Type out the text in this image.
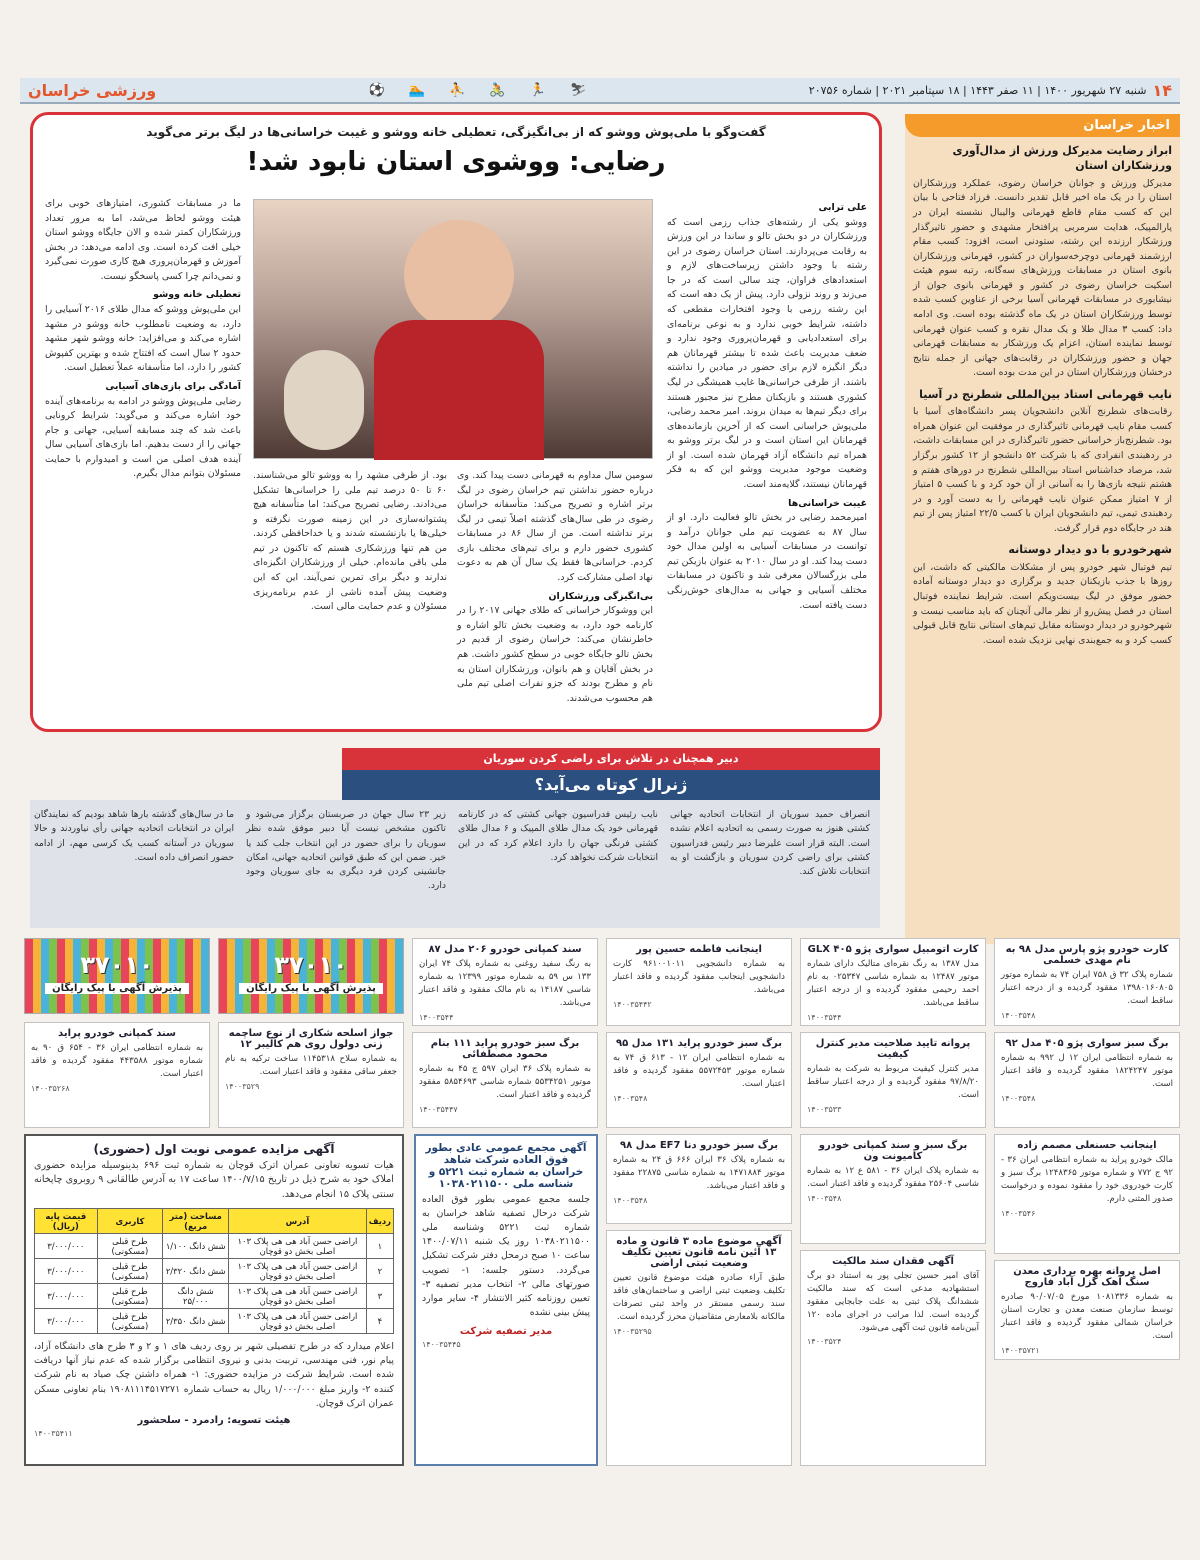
۱۴
شنبه ۲۷ شهریور ۱۴۰۰ | ۱۱ صفر ۱۴۴۳ | ۱۸ سپتامبر ۲۰۲۱ | شماره ۲۰۷۵۶
⚽ 🏊 ⛹ 🚴 🏃 ⛷
ورزشی خراسان
اخبار خراسان
ابراز رضایت مدیرکل ورزش از مدال‌آوری ورزشکاران استان
مدیرکل ورزش و جوانان خراسان رضوی، عملکرد ورزشکاران استان را در یک ماه اخیر قابل تقدیر دانست. فرزاد فتاحی با بیان این که کسب مقام قاطع قهرمانی والیبال نشسته ایران در پارالمپیک، هدایت سرمربی پرافتخار مشهدی و حضور تاثیرگذار ورزشکار ارزنده این رشته، ستودنی است، افزود: کسب مقام ارزشمند قهرمانی دوچرخه‌سواران در کشور، قهرمانی ورزشکاران بانوی استان در مسابقات ورزش‌های سه‌گانه، رتبه سوم هیئت اسکیت خراسان رضوی در کشور و قهرمانی بانوی جوان از نیشابوری در مسابقات قهرمانی آسیا برخی از عناوین کسب شده توسط ورزشکاران استان در یک ماه گذشته بوده است. وی ادامه داد: کسب ۳ مدال طلا و یک مدال نقره و کسب عنوان قهرمانی توسط نماینده استان، اعزام یک ورزشکار به مسابقات قهرمانی جهان و حضور ورزشکاران در رقابت‌های جهانی از جمله نتایج درخشان ورزشکاران استان در این مدت بوده است.
نایب قهرمانی استاد بین‌المللی شطرنج در آسیا
رقابت‌های شطرنج آنلاین دانشجویان پسر دانشگاه‌های آسیا با کسب مقام نایب قهرمانی تاثیرگذاری در موفقیت این عنوان همراه بود. شطرنج‌باز خراسانی حضور تاثیرگذاری در این مسابقات داشت، در ردهبندی انفرادی که با شرکت ۵۲ دانشجو از ۱۲ کشور برگزار شد، مرصاد خداشناس استاد بین‌المللی شطرنج در دورهای هفتم و هشتم نتیجه بازی‌ها را به آسانی از آن خود کرد و با کسب ۵ امتیاز از ۷ امتیاز ممکن عنوان نایب قهرمانی را به دست آورد و در ردهبندی تیمی، تیم دانشجویان ایران با کسب ۲۲/۵ امتیاز پس از تیم هند در جایگاه دوم قرار گرفت.
شهرخودرو با دو دیدار دوستانه
تیم فوتبال شهر خودرو پس از مشکلات مالکیتی که داشت، این روزها با جذب بازیکنان جدید و برگزاری دو دیدار دوستانه آماده حضور موفق در لیگ بیست‌ویکم است. شرایط نماینده فوتبال استان در فصل پیش‌رو از نظر مالی آنچنان که باید مناسب نیست و شهرخودرو در دیدار دوستانه مقابل تیم‌های استانی نتایج قابل قبولی کسب کرد و به جمع‌بندی نهایی نزدیک شده است.
گفت‌وگو با ملی‌پوش ووشو که از بی‌انگیزگی، تعطیلی خانه ووشو و غیبت خراسانی‌ها در لیگ برتر می‌گوید
رضایی: ووشوی استان نابود شد!
علی ترابی
ووشو یکی از رشته‌های جذاب رزمی است که ورزشکاران در دو بخش تالو و ساندا در این ورزش به رقابت می‌پردازند. استان خراسان رضوی در این رشته با وجود داشتن زیرساخت‌های لازم و استعدادهای فراوان، چند سالی است که در جا می‌زند و روند نزولی دارد. پیش از یک دهه است که این رشته رزمی با وجود افتخارات مقطعی که داشته، شرایط خوبی ندارد و به نوعی برنامه‌ای برای استعدادیابی و قهرمان‌پروری وجود ندارد و ضعف مدیریت باعث شده تا بیشتر قهرمانان هم دیگر انگیزه لازم برای حضور در میادین را نداشته باشند. از طرفی خراسانی‌ها غایب همیشگی در لیگ کشوری هستند و بازیکنان مطرح نیز مجبور هستند برای دیگر تیم‌ها به میدان بروند. امیر محمد رضایی، ملی‌پوش خراسانی است که از آخرین بازمانده‌های قهرمانان این استان است و در لیگ برتر ووشو به همراه تیم دانشگاه آزاد قهرمان شده است. او از وضعیت موجود مدیریت ووشو این که به فکر قهرمانان نیستند، گلایه‌مند است.
غیبت خراسانی‌ها
امیرمحمد رضایی در بخش تالو فعالیت دارد. او از سال ۸۷ به عضویت تیم ملی جوانان درآمد و توانست در مسابقات آسیایی به اولین مدال خود دست پیدا کند. او در سال ۲۰۱۰ به عنوان بازیکن تیم ملی بزرگسالان معرفی شد و تاکنون در مسابقات مختلف آسیایی و جهانی به مدال‌های خوش‌رنگی دست یافته است.
سومین سال مداوم به قهرمانی دست پیدا کند. وی درباره حضور نداشتن تیم خراسان رضوی در لیگ برتر اشاره و تصریح می‌کند: متأسفانه خراسان رضوی در طی سال‌های گذشته اصلاً تیمی در لیگ برتر نداشته است. من از سال ۸۶ در مسابقات کشوری حضور دارم و برای تیم‌های مختلف بازی کردم. خراسانی‌ها فقط یک سال آن هم به دعوت نهاد اصلی مشارکت کرد.
بی‌انگیزگی ورزشکاران
این ووشوکار خراسانی که طلای جهانی ۲۰۱۷ را در کارنامه خود دارد، به وضعیت بخش تالو اشاره و خاطرنشان می‌کند: خراسان رضوی از قدیم در بخش تالو جایگاه خوبی در سطح کشور داشت. هم در بخش آقایان و هم بانوان، ورزشکاران استان به نام و مطرح بودند که جزو نفرات اصلی تیم ملی هم محسوب می‌شدند.
بود. از طرفی مشهد را به ووشو تالو می‌شناسند. ۶۰ تا ۵۰ درصد تیم ملی را خراسانی‌ها تشکیل می‌دادند. رضایی تصریح می‌کند: اما متأسفانه هیچ پشتوانه‌سازی در این زمینه صورت نگرفته و خیلی‌ها یا بازنشسته شدند و یا خداحافظی کردند. من هم تنها ورزشکاری هستم که تاکنون در تیم ملی باقی مانده‌ام. خیلی از ورزشکاران انگیزه‌ای ندارند و دیگر برای تمرین نمی‌آیند. این که این وضعیت پیش آمده ناشی از عدم برنامه‌ریزی مسئولان و عدم حمایت مالی است.
ما در مسابقات کشوری، امتیازهای خوبی برای هیئت ووشو لحاظ می‌شد، اما به مرور تعداد ورزشکاران کمتر شده و الان جایگاه ووشو استان خیلی افت کرده است. وی ادامه می‌دهد: در بخش آموزش و قهرمان‌پروری هیچ کاری صورت نمی‌گیرد و نمی‌دانم چرا کسی پاسخگو نیست.
تعطیلی خانه ووشو
این ملی‌پوش ووشو که مدال طلای ۲۰۱۶ آسیایی را دارد، به وضعیت نامطلوب خانه ووشو در مشهد اشاره می‌کند و می‌افزاید: خانه ووشو شهر مشهد حدود ۲ سال است که افتتاح شده و بهترین کفپوش کشور را دارد، اما متأسفانه عملاً تعطیل است.
آمادگی برای بازی‌های آسیایی
رضایی ملی‌پوش ووشو در ادامه به برنامه‌های آینده خود اشاره می‌کند و می‌گوید: شرایط کرونایی باعث شد که چند مسابقه آسیایی، جهانی و جام جهانی را از دست بدهیم. اما بازی‌های آسیایی سال آینده هدف اصلی من است و امیدوارم با حمایت مسئولان بتوانم مدال بگیرم.
دبیر همچنان در تلاش برای راضی کردن سوریان
ژنرال کوتاه می‌آید؟
انصراف حمید سوریان از انتخابات اتحادیه جهانی کشتی هنوز به صورت رسمی به اتحادیه اعلام نشده است. البته قرار است علیرضا دبیر رئیس فدراسیون کشتی برای راضی کردن سوریان و بازگشت او به انتخابات تلاش کند.
نایب رئیس فدراسیون جهانی کشتی که در کارنامه قهرمانی خود یک مدال طلای المپیک و ۶ مدال طلای کشتی فرنگی جهان را دارد اعلام کرد که در این انتخابات شرکت نخواهد کرد.
زیر ۲۳ سال جهان در صربستان برگزار می‌شود و تاکنون مشخص نیست آیا دبیر موفق شده نظر سوریان را برای حضور در این انتخاب جلب کند یا خیر. ضمن این که طبق قوانین اتحادیه جهانی، امکان جانشینی کردن فرد دیگری به جای سوریان وجود دارد.
ما در سال‌های گذشته بارها شاهد بودیم که نمایندگان ایران در انتخابات اتحادیه جهانی رأی نیاوردند و حالا سوریان در آستانه کسب یک کرسی مهم، از ادامه حضور انصراف داده است.
کارت خودرو پژو پارس مدل ۹۸ به نام مهدی خسلمی
شماره پلاک ۳۲ ق ۷۵۸ ایران ۷۴ به شماره موتور ۱۳۹۸۰۱۶۰۸۰۵ مفقود گردیده و از درجه اعتبار ساقط است.
۱۴۰۰۳۵۴۸
کارت اتومبیل سواری پژو ۴۰۵ GLX
مدل ۱۳۸۷ به رنگ نقره‌ای متالیک دارای شماره موتور ۱۲۴۸۷ به شماره شاسی ۰۲۵۳۴۷ به نام احمد رحیمی مفقود گردیده و از درجه اعتبار ساقط می‌باشد.
۱۴۰۰۳۵۴۴
اینجانب فاطمه حسین پور
به شماره دانشجویی ۹۶۱۰۰۱۰۱۱ کارت دانشجویی اینجانب مفقود گردیده و فاقد اعتبار می‌باشد.
۱۴۰۰۳۵۴۴۲
سند کمپانی خودرو ۲۰۶ مدل ۸۷
به رنگ سفید روغنی به شماره پلاک ۷۴ ایران ۱۳۳ س ۵۹ به شماره موتور ۱۲۳۹۹ به شماره شاسی ۱۴۱۸۷ به نام مالک مفقود و فاقد اعتبار می‌باشد.
۱۴۰۰۳۵۴۴
۳۷۰۱۰
پذیرش آگهی با پیک رایگان
۳۷۰۱۰
پذیرش آگهی با پیک رایگان
برگ سبز سواری پژو ۴۰۵ مدل ۹۲
به شماره انتظامی ایران ۱۲ ل ۹۹۲ به شماره موتور ۱۸۲۴۲۴۷ مفقود گردیده و فاقد اعتبار است.
۱۴۰۰۳۵۴۸
پروانه تایید صلاحیت مدیر کنترل کیفیت
مدیر کنترل کیفیت مربوط به شرکت به شماره ۹۷/۸/۲۰ مفقود گردیده و از درجه اعتبار ساقط است.
۱۴۰۰۳۵۳۳
برگ سبز خودرو پراید ۱۳۱ مدل ۹۵
به شماره انتظامی ایران ۱۲ - ۶۱۳ ق ۷۴ به شماره موتور ۵۵۷۲۴۵۳ مفقود گردیده و فاقد اعتبار است.
۱۴۰۰۳۵۴۸
برگ سبز خودرو پراید ۱۱۱ بنام محمود مصطفائی
به شماره پلاک ۳۶ ایران ۵۹۷ ج ۴۵ به شماره موتور ۵۵۳۴۲۵۱ شماره شاسی ۵۸۵۴۶۹۳ مفقود گردیده و فاقد اعتبار است.
۱۴۰۰۳۵۴۴۷
جواز اسلحه شکاری از نوع ساچمه زنی دولول روی هم کالیبر ۱۲
به شماره سلاح ۱۱۴۵۳۱۸ ساخت ترکیه به نام جعفر ساقی مفقود و فاقد اعتبار است.
۱۴۰۰۳۵۲۹
سند کمپانی خودرو پراید
به شماره انتظامی ایران ۳۶ - ۶۵۴ ق ۹۰ به شماره موتور ۴۴۳۵۸۸ مفقود گردیده و فاقد اعتبار است.
۱۴۰۰۳۵۲۶۸
اینجانب حسنعلی مصمم زاده
مالک خودرو پراید به شماره انتظامی ایران ۳۶ - ۹۲ ج ۷۷۲ و شماره موتور ۱۲۴۸۳۶۵ برگ سبز و کارت خودروی خود را مفقود نموده و درخواست صدور المثنی دارم.
۱۴۰۰۳۵۴۶
برگ سبز خودرو دنا EF7 مدل ۹۸
به شماره پلاک ۳۶ ایران ۶۶۶ ق ۲۴ به شماره موتور ۱۴۷۱۸۸۴ به شماره شاسی ۲۲۸۷۵ مفقود و فاقد اعتبار می‌باشد.
۱۴۰۰۳۵۴۸
برگ سبز و سند کمپانی خودرو کامیونت ون
به شماره پلاک ایران ۳۶ - ۵۸۱ ع ۱۲ به شماره شاسی ۲۵۶۰۴ مفقود گردیده و فاقد اعتبار است.
۱۴۰۰۳۵۴۸
اصل پروانه بهره برداری معدن سنگ آهک گزل آباد فاروج
به شماره ۱۰۸۱۳۳۶ مورخ ۹۰/۰۷/۰۵ صادره توسط سازمان صنعت معدن و تجارت استان خراسان شمالی مفقود گردیده و فاقد اعتبار است.
۱۴۰۰۳۵۷۲۱
آگهی فقدان سند مالکیت
آقای امیر حسین تجلی پور به استناد دو برگ استشهادیه مدعی است که سند مالکیت ششدانگ پلاک ثبتی به علت جابجایی مفقود گردیده است. لذا مراتب در اجرای ماده ۱۲۰ آیین‌نامه قانون ثبت آگهی می‌شود.
۱۴۰۰۳۵۲۴
آگهی موضوع ماده ۳ قانون و ماده ۱۳ آئین نامه قانون تعیین تکلیف وضعیت ثبتی اراضی
طبق آراء صادره هیئت موضوع قانون تعیین تکلیف وضعیت ثبتی اراضی و ساختمان‌های فاقد سند رسمی مستقر در واحد ثبتی تصرفات مالکانه بلامعارض متقاضیان محرز گردیده است.
۱۴۰۰۳۵۲۹۵
آگهی مجمع عمومی عادی بطور فوق العاده شرکت شاهد خراسان به شماره ثبت ۵۲۲۱ و شناسه ملی ۱۰۳۸۰۲۱۱۵۰۰
جلسه مجمع عمومی بطور فوق العاده شرکت درحال تصفیه شاهد خراسان به شماره ثبت ۵۲۲۱ وشناسه ملی ۱۰۳۸۰۲۱۱۵۰۰ روز یک شنبه ۱۴۰۰/۰۷/۱۱ ساعت ۱۰ صبح درمحل دفتر شرکت تشکیل می‌گردد. دستور جلسه: ۱- تصویب صورتهای مالی ۲- انتخاب مدیر تصفیه ۳- تعیین روزنامه کثیر الانتشار ۴- سایر موارد پیش بینی نشده
مدیر تصفیه شرکت
۱۴۰۰۳۵۴۴۵
آگهی مزایده عمومی نوبت اول (حضوری)
هیات تسویه تعاونی عمران اترک قوچان به شماره ثبت ۶۹۶ بدینوسیله مزایده حضوری املاک خود به شرح ذیل در تاریخ ۱۴۰۰/۷/۱۵ ساعت ۱۷ به آدرس طالقانی ۹ روبروی چاپخانه سنتی پلاک ۱۵ انجام می‌دهد.
ردیف	آدرس	مساحت (متر مربع)	کاربری	قیمت پایه (ریال)
۱	اراضی حسن آباد هی هی پلاک ۱۰۳ اصلی بخش دو قوچان	شش دانگ ۱/۱۰۰	طرح قبلی (مسکونی)	۳/۰۰۰/۰۰۰
۲	اراضی حسن آباد هی هی پلاک ۱۰۳ اصلی بخش دو قوچان	شش دانگ ۲/۳۲۰	طرح قبلی (مسکونی)	۳/۰۰۰/۰۰۰
۳	اراضی حسن آباد هی هی پلاک ۱۰۳ اصلی بخش دو قوچان	شش دانگ ۲۵/۰۰۰	طرح قبلی (مسکونی)	۳/۰۰۰/۰۰۰
۴	اراضی حسن آباد هی هی پلاک ۱۰۳ اصلی بخش دو قوچان	شش دانگ ۲/۳۵۰	طرح قبلی (مسکونی)	۳/۰۰۰/۰۰۰
اعلام میدارد که در طرح تفصیلی شهر بر روی ردیف های ۱ و ۲ و ۳ طرح های دانشگاه آزاد، پیام نور، فنی مهندسی، تربیت بدنی و نیروی انتظامی برگزار شده که عدم نیاز آنها دریافت شده است. شرایط شرکت در مزایده حضوری: ۱- همراه داشتن چک صیاد به نام شرکت کننده ۲- واریز مبلغ ۱/۰۰۰/۰۰۰ ریال به حساب شماره ۱۹۰۸۱۱۱۴۵۱۷۲۷۱ بنام تعاونی مسکن عمران اترک قوچان.
هیئت تسویه: رادمرد - سلحشور
۱۴۰۰۳۵۴۱۱
